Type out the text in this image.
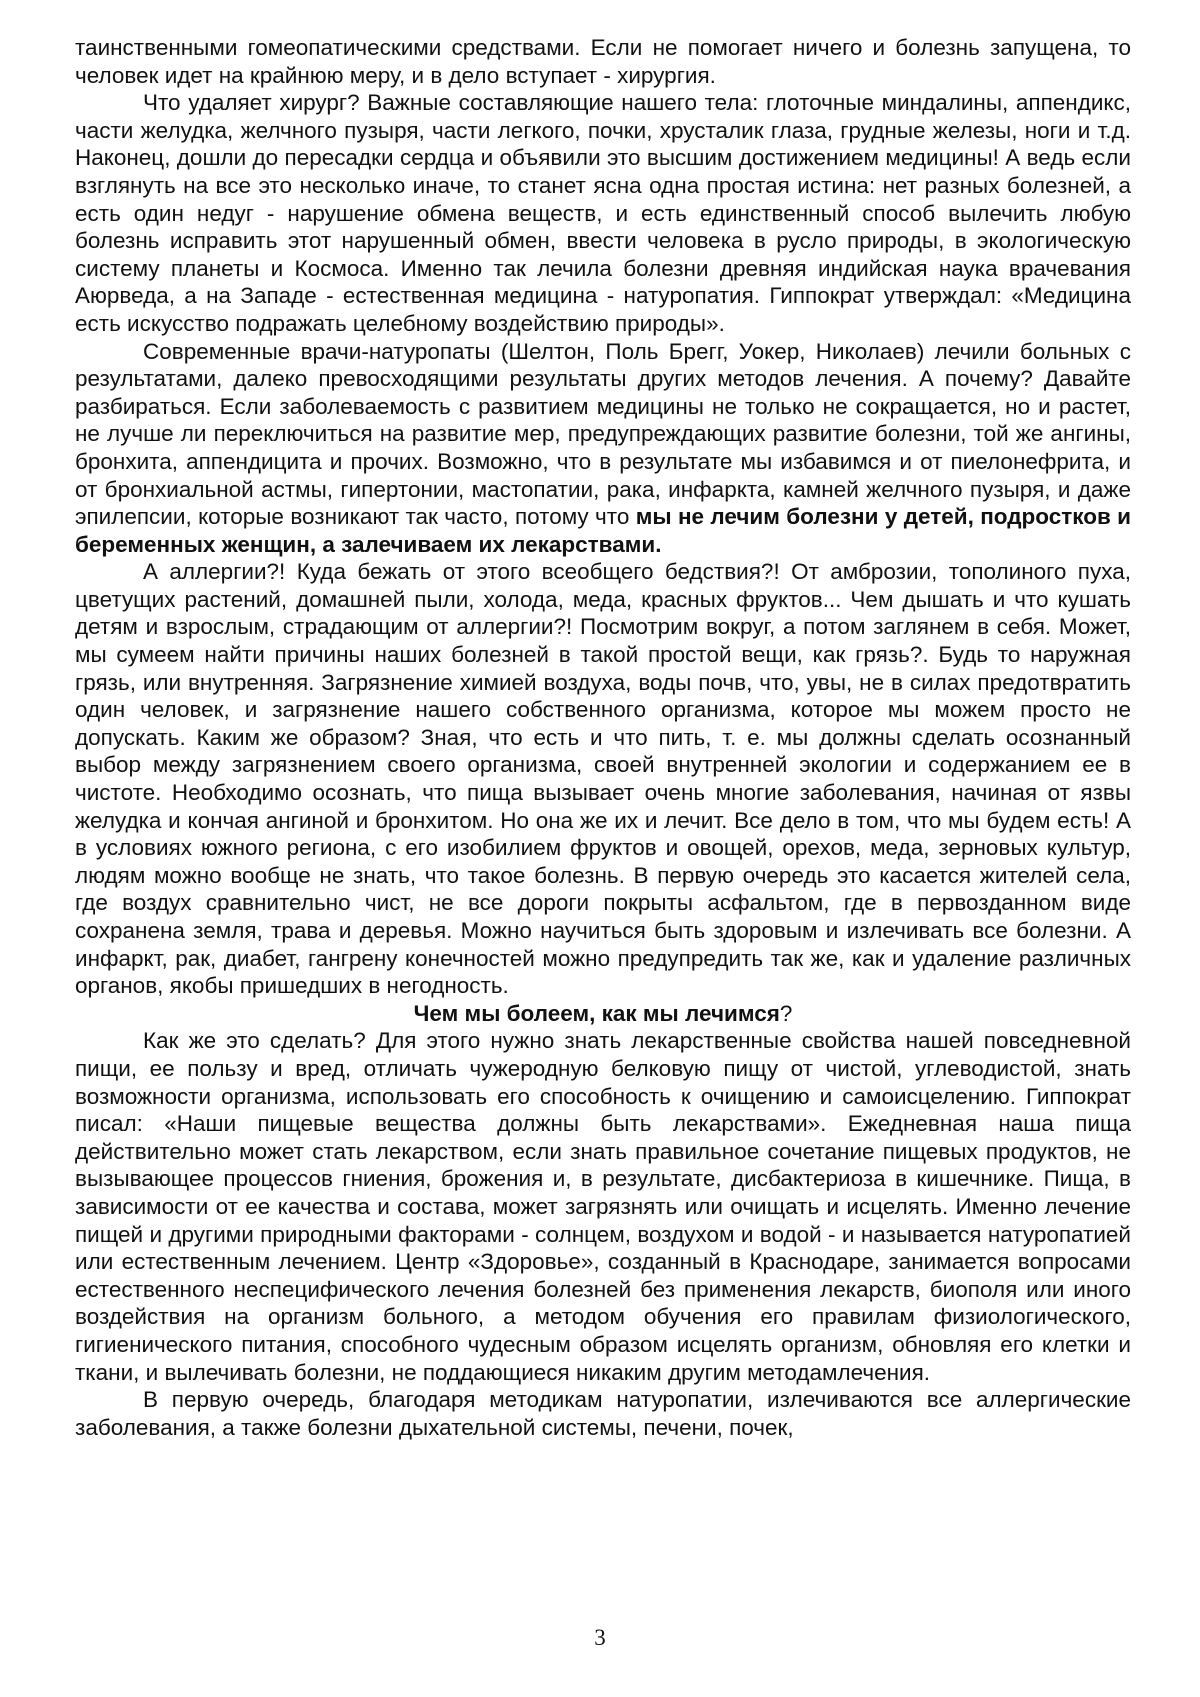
таинственными гомеопатическими средствами. Если не помогает ничего и болезнь запущена, то человек идет на крайнюю меру, и в дело вступает - хирургия.

Что удаляет хирург? Важные составляющие нашего тела: глоточные миндалины, аппендикс, части желудка, желчного пузыря, части легкого, почки, хрусталик глаза, грудные железы, ноги и т.д. Наконец, дошли до пересадки сердца и объявили это высшим достижением медицины! А ведь если взглянуть на все это несколько иначе, то станет ясна одна простая истина: нет разных болезней, а есть один недуг - нарушение обмена веществ, и есть единственный способ вылечить любую болезнь исправить этот нарушенный обмен, ввести человека в русло природы, в экологическую систему планеты и Космоса. Именно так лечила болезни древняя индийская наука врачевания Аюрведа, а на Западе - естественная медицина - натуропатия. Гиппократ утверждал: «Медицина есть искусство подражать целебному воздействию природы».

Современные врачи-натуропаты (Шелтон, Поль Брегг, Уокер, Николаев) лечили больных с результатами, далеко превосходящими результаты других методов лечения. А почему? Давайте разбираться. Если заболеваемость с развитием медицины не только не сокращается, но и растет, не лучше ли переключиться на развитие мер, предупреждающих развитие болезни, той же ангины, бронхита, аппендицита и прочих. Возможно, что в результате мы избавимся и от пиелонефрита, и от бронхиальной астмы, гипертонии, мастопатии, рака, инфаркта, камней желчного пузыря, и даже эпилепсии, которые возникают так часто, потому что мы не лечим болезни у детей, подростков и беременных женщин, а залечиваем их лекарствами.

А аллергии?! Куда бежать от этого всеобщего бедствия?! От амброзии, тополиного пуха, цветущих растений, домашней пыли, холода, меда, красных фруктов... Чем дышать и что кушать детям и взрослым, страдающим от аллергии?! Посмотрим вокруг, а потом заглянем в себя. Может, мы сумеем найти причины наших болезней в такой простой вещи, как грязь?. Будь то наружная грязь, или внутренняя. Загрязнение химией воздуха, воды почв, что, увы, не в силах предотвратить один человек, и загрязнение нашего собственного организма, которое мы можем просто не допускать. Каким же образом? Зная, что есть и что пить, т. е. мы должны сделать осознанный выбор между загрязнением своего организма, своей внутренней экологии и содержанием ее в чистоте. Необходимо осознать, что пища вызывает очень многие заболевания, начиная от язвы желудка и кончая ангиной и бронхитом. Но она же их и лечит. Все дело в том, что мы будем есть! А в условиях южного региона, с его изобилием фруктов и овощей, орехов, меда, зерновых культур, людям можно вообще не знать, что такое болезнь. В первую очередь это касается жителей села, где воздух сравнительно чист, не все дороги покрыты асфальтом, где в первозданном виде сохранена земля, трава и деревья. Можно научиться быть здоровым и излечивать все болезни. А инфаркт, рак, диабет, гангрену конечностей можно предупредить так же, как и удаление различных органов, якобы пришедших в негодность.

Чем мы болеем, как мы лечимся?

Как же это сделать? Для этого нужно знать лекарственные свойства нашей повседневной пищи, ее пользу и вред, отличать чужеродную белковую пищу от чистой, углеводистой, знать возможности организма, использовать его способность к очищению и самоисцелению. Гиппократ писал: «Наши пищевые вещества должны быть лекарствами». Ежедневная наша пища действительно может стать лекарством, если знать правильное сочетание пищевых продуктов, не вызывающее процессов гниения, брожения и, в результате, дисбактериоза в кишечнике. Пища, в зависимости от ее качества и состава, может загрязнять или очищать и исцелять. Именно лечение пищей и другими природными факторами - солнцем, воздухом и водой - и называется натуропатией или естественным лечением. Центр «Здоровье», созданный в Краснодаре, занимается вопросами естественного неспецифического лечения болезней без применения лекарств, биополя или иного воздействия на организм больного, а методом обучения его правилам физиологического, гигиенического питания, способного чудесным образом исцелять организм, обновляя его клетки и ткани, и вылечивать болезни, не поддающиеся никаким другим методамлечения.

В первую очередь, благодаря методикам натуропатии, излечиваются все аллергические заболевания, а также болезни дыхательной системы, печени, почек,

3
